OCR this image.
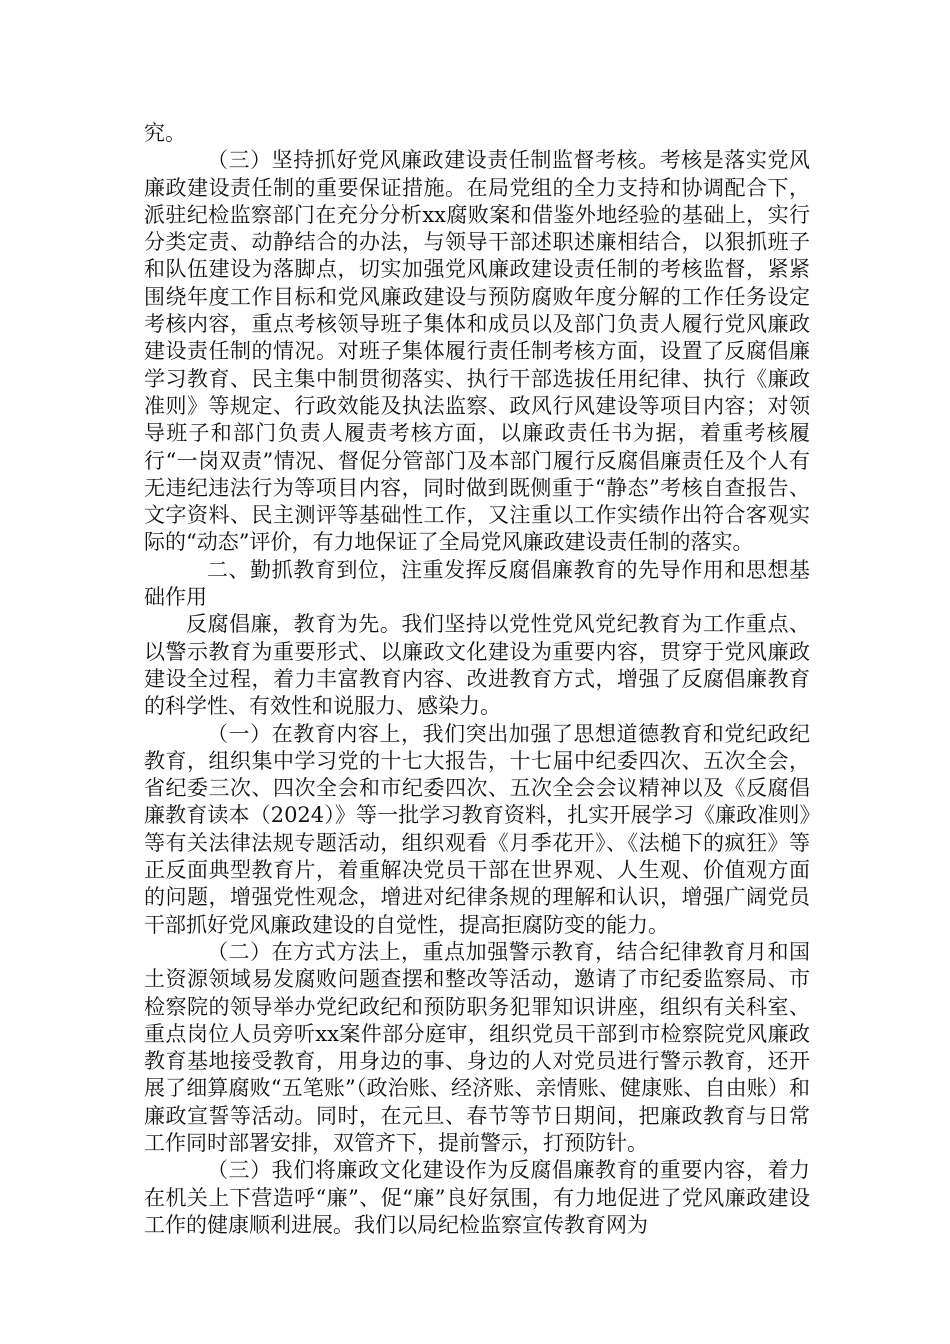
究。

（三）坚持抓好党风廉政建设责任制监督考核。考核是落实党风廉政建设责任制的重要保证措施。在局党组的全力支持和协调配合下，派驻纪检监察部门在充分分析xx腐败案和借鉴外地经验的基础上，实行分类定责、动静结合的办法，与领导干部述职述廉相结合，以狠抓班子和队伍建设为落脚点，切实加强党风廉政建设责任制的考核监督，紧紧围绕年度工作目标和党风廉政建设与预防腐败年度分解的工作任务设定考核内容，重点考核领导班子集体和成员以及部门负责人履行党风廉政建设责任制的情况。对班子集体履行责任制考核方面，设置了反腐倡廉学习教育、民主集中制贯彻落实、执行干部选拔任用纪律、执行《廉政准则》等规定、行政效能及执法监察、政风行风建设等项目内容；对领导班子和部门负责人履责考核方面，以廉政责任书为据，着重考核履行“一岗双责”情况、督促分管部门及本部门履行反腐倡廉责任及个人有无违纪违法行为等项目内容，同时做到既侧重于“静态”考核自查报告、文字资料、民主测评等基础性工作，又注重以工作实绩作出符合客观实际的“动态”评价，有力地保证了全局党风廉政建设责任制的落实。

二、勤抓教育到位，注重发挥反腐倡廉教育的先导作用和思想基础作用

反腐倡廉，教育为先。我们坚持以党性党风党纪教育为工作重点、以警示教育为重要形式、以廉政文化建设为重要内容，贯穿于党风廉政建设全过程，着力丰富教育内容、改进教育方式，增强了反腐倡廉教育的科学性、有效性和说服力、感染力。

（一）在教育内容上，我们突出加强了思想道德教育和党纪政纪教育，组织集中学习党的十七大报告，十七届中纪委四次、五次全会，省纪委三次、四次全会和市纪委四次、五次全会会议精神以及《反腐倡廉教育读本（2024）》等一批学习教育资料，扎实开展学习《廉政准则》等有关法律法规专题活动，组织观看《月季花开》、《法槌下的疯狂》等正反面典型教育片，着重解决党员干部在世界观、人生观、价值观方面的问题，增强党性观念，增进对纪律条规的理解和认识，增强广阔党员干部抓好党风廉政建设的自觉性，提高拒腐防变的能力。

（二）在方式方法上，重点加强警示教育，结合纪律教育月和国土资源领域易发腐败问题查摆和整改等活动，邀请了市纪委监察局、市检察院的领导举办党纪政纪和预防职务犯罪知识讲座，组织有关科室、重点岗位人员旁听xx案件部分庭审，组织党员干部到市检察院党风廉政教育基地接受教育，用身边的事、身边的人对党员进行警示教育，还开展了细算腐败“五笔账”（政治账、经济账、亲情账、健康账、自由账）和廉政宣誓等活动。同时，在元旦、春节等节日期间，把廉政教育与日常工作同时部署安排，双管齐下，提前警示，打预防针。

（三）我们将廉政文化建设作为反腐倡廉教育的重要内容，着力在机关上下营造呼“廉”、促“廉”良好氛围，有力地促进了党风廉政建设工作的健康顺利进展。我们以局纪检监察宣传教育网为
